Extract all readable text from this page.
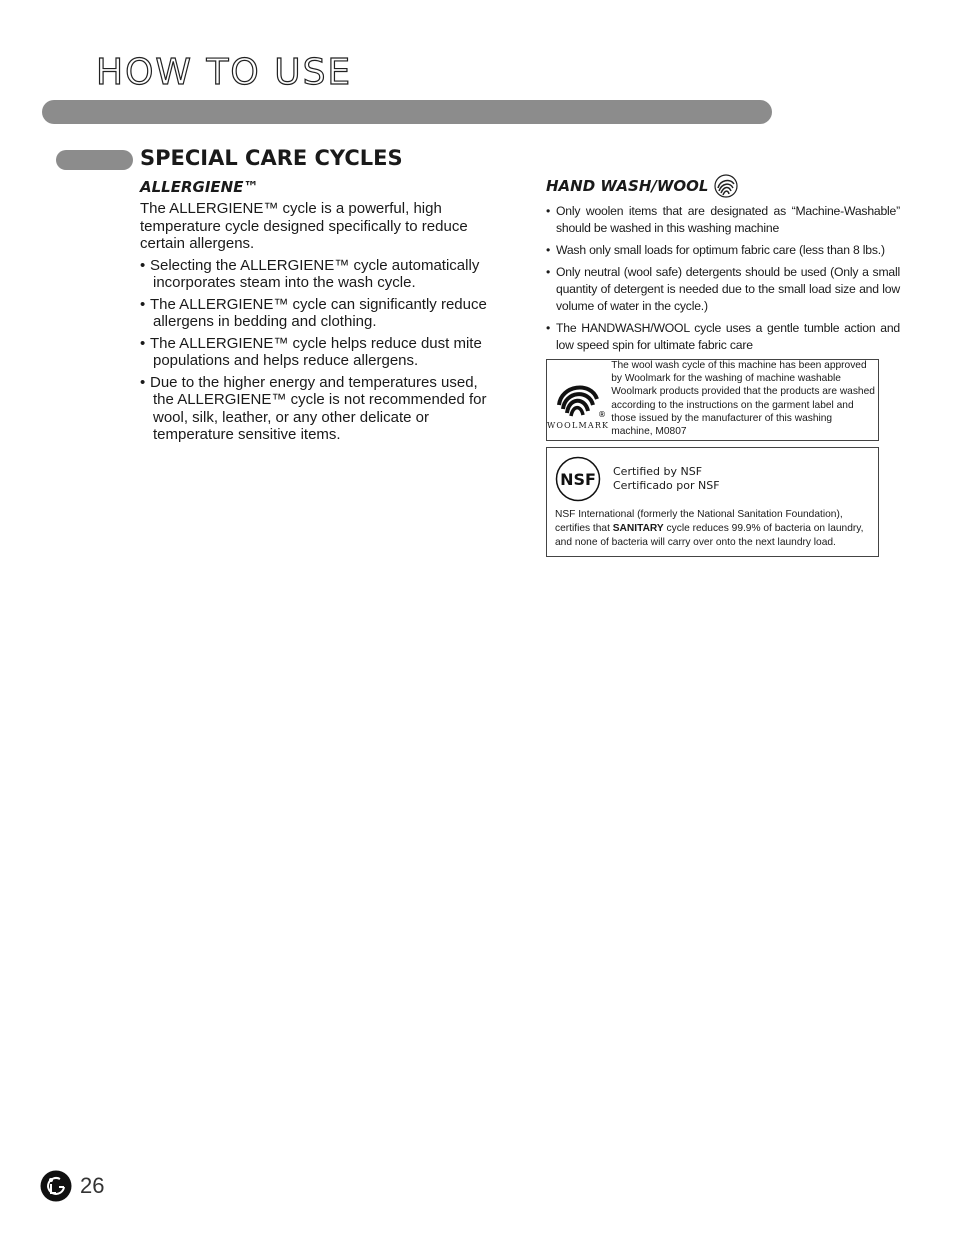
HOW TO USE
SPECIAL CARE CYCLES
ALLERGIENE™

The ALLERGIENE™ cycle is a powerful, high temperature cycle designed specifically to reduce certain allergens.

• Selecting the ALLERGIENE™ cycle automatically incorporates steam into the wash cycle.
• The ALLERGIENE™ cycle can significantly reduce allergens in bedding and clothing.
• The ALLERGIENE™ cycle helps reduce dust mite populations and helps reduce allergens.
• Due to the higher energy and temperatures used, the ALLERGIENE™ cycle is not recommended for wool, silk, leather, or any other delicate or temperature sensitive items.
HAND WASH/WOOL
• Only woolen items that are designated as “Machine-Washable” should be washed in this washing machine
• Wash only small loads for optimum fabric care (less than 8 lbs.)
• Only neutral (wool safe) detergents should be used (Only a small quantity of detergent is needed due to the small load size and low volume of water in the cycle.)
• The HANDWASH/WOOL cycle uses a gentle tumble action and low speed spin for ultimate fabric care
®
WOOLMARK
The wool wash cycle of this machine has been approved by Woolmark for the washing of machine washable Woolmark products provided that the products are washed according to the instructions on the garment label and those issued by the manufacturer of this washing machine, M0807
NSF Certified by NSF
Certificado por NSF
NSF International (formerly the National Sanitation Foundation), certifies that SANITARY cycle reduces 99.9% of bacteria on laundry, and none of bacteria will carry over onto the next laundry load.
26
